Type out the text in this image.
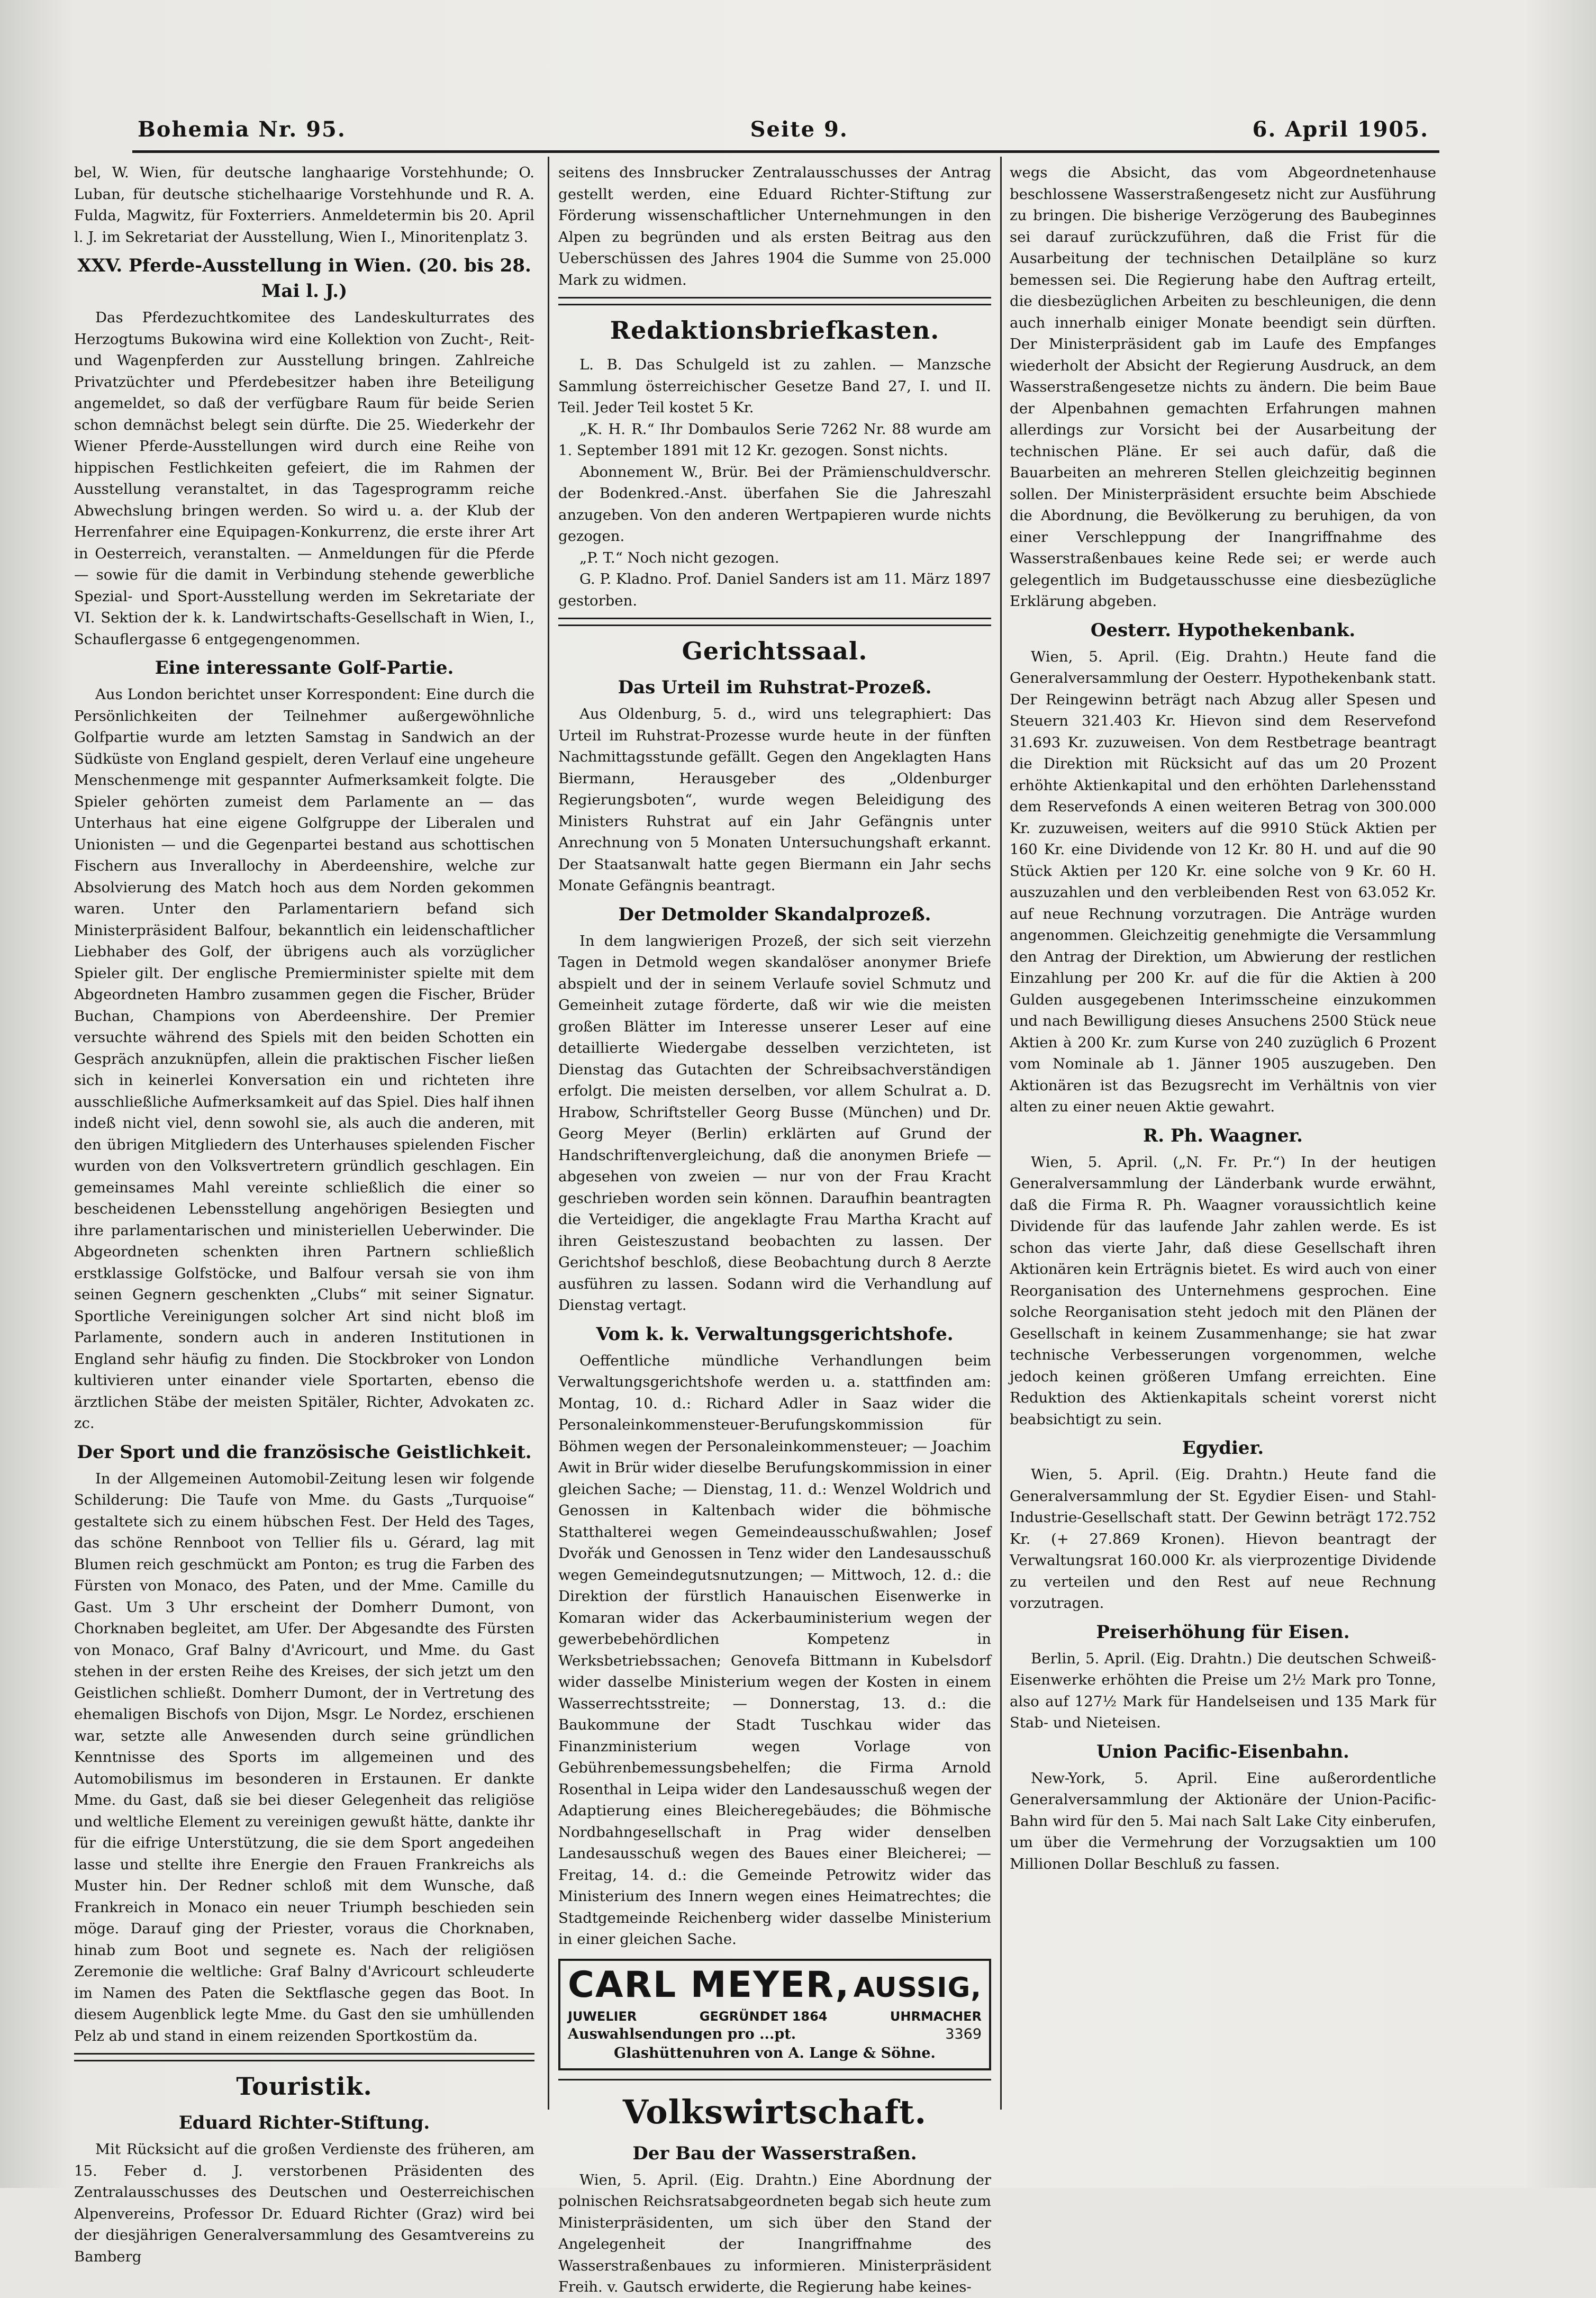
Bohemia Nr. 95.	Seite 9.	6. April 1905.

bel, W. Wien, für deutsche langhaarige Vorstehhunde; O. Luban, für deutsche stichelhaarige Vorstehhunde und R. A. Fulda, Magwitz, für Foxterriers. Anmeldetermin bis 20. April l. J. im Sekretariat der Ausstellung, Wien I., Minoritenplatz 3.

XXV. Pferde-Ausstellung in Wien. (20. bis 28. Mai l. J.)

Das Pferdezuchtkomitee des Landeskulturrates des Herzogtums Bukowina wird eine Kollektion von Zucht-, Reit- und Wagenpferden zur Ausstellung bringen. Zahlreiche Privatzüchter und Pferdebesitzer haben ihre Beteiligung angemeldet, so daß der verfügbare Raum für beide Serien schon demnächst belegt sein dürfte. Die 25. Wiederkehr der Wiener Pferde-Ausstellungen wird durch eine Reihe von hippischen Festlichkeiten gefeiert, die im Rahmen der Ausstellung veranstaltet, in das Tagesprogramm reiche Abwechslung bringen werden. So wird u. a. der Klub der Herrenfahrer eine Equipagen-Konkurrenz, die erste ihrer Art in Oesterreich, veranstalten. — Anmeldungen für die Pferde — sowie für die damit in Verbindung stehende gewerbliche Spezial- und Sport-Ausstellung werden im Sekretariate der VI. Sektion der k. k. Landwirtschafts-Gesellschaft in Wien, I., Schauflergasse 6 entgegengenommen.

Eine interessante Golf-Partie.

Aus London berichtet unser Korrespondent: Eine durch die Persönlichkeiten der Teilnehmer außergewöhnliche Golfpartie wurde am letzten Samstag in Sandwich an der Südküste von England gespielt, deren Verlauf eine ungeheure Menschenmenge mit gespannter Aufmerksamkeit folgte. Die Spieler gehörten zumeist dem Parlamente an — das Unterhaus hat eine eigene Golfgruppe der Liberalen und Unionisten — und die Gegenpartei bestand aus schottischen Fischern aus Inverallochy in Aberdeenshire, welche zur Absolvierung des Match hoch aus dem Norden gekommen waren. Unter den Parlamentariern befand sich Ministerpräsident Balfour, bekanntlich ein leidenschaftlicher Liebhaber des Golf, der übrigens auch als vorzüglicher Spieler gilt. Der englische Premierminister spielte mit dem Abgeordneten Hambro zusammen gegen die Fischer, Brüder Buchan, Champions von Aberdeenshire. Der Premier versuchte während des Spiels mit den beiden Schotten ein Gespräch anzuknüpfen, allein die praktischen Fischer ließen sich in keinerlei Konversation ein und richteten ihre ausschließliche Aufmerksamkeit auf das Spiel. Dies half ihnen indeß nicht viel, denn sowohl sie, als auch die anderen, mit den übrigen Mitgliedern des Unterhauses spielenden Fischer wurden von den Volksvertretern gründlich geschlagen. Ein gemeinsames Mahl vereinte schließlich die einer so bescheidenen Lebensstellung angehörigen Besiegten und ihre parlamentarischen und ministeriellen Ueberwinder. Die Abgeordneten schenkten ihren Partnern schließlich erstklassige Golfstöcke, und Balfour versah sie von ihm seinen Gegnern geschenkten „Clubs“ mit seiner Signatur. Sportliche Vereinigungen solcher Art sind nicht bloß im Parlamente, sondern auch in anderen Institutionen in England sehr häufig zu finden. Die Stockbroker von London kultivieren unter einander viele Sportarten, ebenso die ärztlichen Stäbe der meisten Spitäler, Richter, Advokaten zc. zc.

Der Sport und die französische Geistlichkeit.

In der Allgemeinen Automobil-Zeitung lesen wir folgende Schilderung: Die Taufe von Mme. du Gasts „Turquoise“ gestaltete sich zu einem hübschen Fest. Der Held des Tages, das schöne Rennboot von Tellier fils u. Gérard, lag mit Blumen reich geschmückt am Ponton; es trug die Farben des Fürsten von Monaco, des Paten, und der Mme. Camille du Gast. Um 3 Uhr erscheint der Domherr Dumont, von Chorknaben begleitet, am Ufer. Der Abgesandte des Fürsten von Monaco, Graf Balny d'Avricourt, und Mme. du Gast stehen in der ersten Reihe des Kreises, der sich jetzt um den Geistlichen schließt. Domherr Dumont, der in Vertretung des ehemaligen Bischofs von Dijon, Msgr. Le Nordez, erschienen war, setzte alle Anwesenden durch seine gründlichen Kenntnisse des Sports im allgemeinen und des Automobilismus im besonderen in Erstaunen. Er dankte Mme. du Gast, daß sie bei dieser Gelegenheit das religiöse und weltliche Element zu vereinigen gewußt hätte, dankte ihr für die eifrige Unterstützung, die sie dem Sport angedeihen lasse und stellte ihre Energie den Frauen Frankreichs als Muster hin. Der Redner schloß mit dem Wunsche, daß Frankreich in Monaco ein neuer Triumph beschieden sein möge. Darauf ging der Priester, voraus die Chorknaben, hinab zum Boot und segnete es. Nach der religiösen Zeremonie die weltliche: Graf Balny d'Avricourt schleuderte im Namen des Paten die Sektflasche gegen das Boot. In diesem Augenblick legte Mme. du Gast den sie umhüllenden Pelz ab und stand in einem reizenden Sportkostüm da.

Touristik.
Eduard Richter-Stiftung.

Mit Rücksicht auf die großen Verdienste des früheren, am 15. Feber d. J. verstorbenen Präsidenten des Zentralausschusses des Deutschen und Oesterreichischen Alpenvereins, Professor Dr. Eduard Richter (Graz) wird bei der diesjährigen Generalversammlung des Gesamtvereins zu Bamberg

seitens des Innsbrucker Zentralausschusses der Antrag gestellt werden, eine Eduard Richter-Stiftung zur Förderung wissenschaftlicher Unternehmungen in den Alpen zu begründen und als ersten Beitrag aus den Ueberschüssen des Jahres 1904 die Summe von 25.000 Mark zu widmen.

Redaktionsbriefkasten.

L. B. Das Schulgeld ist zu zahlen. — Manzsche Sammlung österreichischer Gesetze Band 27, I. und II. Teil. Jeder Teil kostet 5 Kr.

„K. H. R.“ Ihr Dombaulos Serie 7262 Nr. 88 wurde am 1. September 1891 mit 12 Kr. gezogen. Sonst nichts.

Abonnement W., Brür. Bei der Prämienschuldverschr. der Bodenkred.-Anst. überfahen Sie die Jahreszahl anzugeben. Von den anderen Wertpapieren wurde nichts gezogen.

„P. T.“ Noch nicht gezogen.

G. P. Kladno. Prof. Daniel Sanders ist am 11. März 1897 gestorben.

Gerichtssaal.
Das Urteil im Ruhstrat-Prozeß.

Aus Oldenburg, 5. d., wird uns telegraphiert: Das Urteil im Ruhstrat-Prozesse wurde heute in der fünften Nachmittagsstunde gefällt. Gegen den Angeklagten Hans Biermann, Herausgeber des „Oldenburger Regierungsboten“, wurde wegen Beleidigung des Ministers Ruhstrat auf ein Jahr Gefängnis unter Anrechnung von 5 Monaten Untersuchungshaft erkannt. Der Staatsanwalt hatte gegen Biermann ein Jahr sechs Monate Gefängnis beantragt.

Der Detmolder Skandalprozeß.

In dem langwierigen Prozeß, der sich seit vierzehn Tagen in Detmold wegen skandalöser anonymer Briefe abspielt und der in seinem Verlaufe soviel Schmutz und Gemeinheit zutage förderte, daß wir wie die meisten großen Blätter im Interesse unserer Leser auf eine detaillierte Wiedergabe desselben verzichteten, ist Dienstag das Gutachten der Schreibsachverständigen erfolgt. Die meisten derselben, vor allem Schulrat a. D. Hrabow, Schriftsteller Georg Busse (München) und Dr. Georg Meyer (Berlin) erklärten auf Grund der Handschriftenvergleichung, daß die anonymen Briefe — abgesehen von zweien — nur von der Frau Kracht geschrieben worden sein können. Daraufhin beantragten die Verteidiger, die angeklagte Frau Martha Kracht auf ihren Geisteszustand beobachten zu lassen. Der Gerichtshof beschloß, diese Beobachtung durch 8 Aerzte ausführen zu lassen. Sodann wird die Verhandlung auf Dienstag vertagt.

Vom k. k. Verwaltungsgerichtshofe.

Oeffentliche mündliche Verhandlungen beim Verwaltungsgerichtshofe werden u. a. stattfinden am: Montag, 10. d.: Richard Adler in Saaz wider die Personaleinkommensteuer-Berufungskommission für Böhmen wegen der Personaleinkommensteuer; — Joachim Awit in Brür wider dieselbe Berufungskommission in einer gleichen Sache; — Dienstag, 11. d.: Wenzel Woldrich und Genossen in Kaltenbach wider die böhmische Statthalterei wegen Gemeindeausschußwahlen; Josef Dvořák und Genossen in Tenz wider den Landesausschuß wegen Gemeindegutsnutzungen; — Mittwoch, 12. d.: die Direktion der fürstlich Hanauischen Eisenwerke in Komaran wider das Ackerbauministerium wegen der gewerbebehördlichen Kompetenz in Werksbetriebssachen; Genovefa Bittmann in Kubelsdorf wider dasselbe Ministerium wegen der Kosten in einem Wasserrechtsstreite; — Donnerstag, 13. d.: die Baukommune der Stadt Tuschkau wider das Finanzministerium wegen Vorlage von Gebührenbemessungsbehelfen; die Firma Arnold Rosenthal in Leipa wider den Landesausschuß wegen der Adaptierung eines Bleicheregebäudes; die Böhmische Nordbahngesellschaft in Prag wider denselben Landesausschuß wegen des Baues einer Bleicherei; — Freitag, 14. d.: die Gemeinde Petrowitz wider das Ministerium des Innern wegen eines Heimatrechtes; die Stadtgemeinde Reichenberg wider dasselbe Ministerium in einer gleichen Sache.

CARL MEYER, AUSSIG,
JUWELIER	GEGRÜNDET 1864	UHRMACHER
Auswahlsendungen pro ...pt.	3369
Glashüttenuhren von A. Lange & Söhne.
Volkswirtschaft.
Der Bau der Wasserstraßen.

Wien, 5. April. (Eig. Drahtn.) Eine Abordnung der polnischen Reichsratsabgeordneten begab sich heute zum Ministerpräsidenten, um sich über den Stand der Angelegenheit der Inangriffnahme des Wasserstraßenbaues zu informieren. Ministerpräsident Freih. v. Gautsch erwiderte, die Regierung habe keines-

wegs die Absicht, das vom Abgeordnetenhause beschlossene Wasserstraßengesetz nicht zur Ausführung zu bringen. Die bisherige Verzögerung des Baubeginnes sei darauf zurückzuführen, daß die Frist für die Ausarbeitung der technischen Detailpläne so kurz bemessen sei. Die Regierung habe den Auftrag erteilt, die diesbezüglichen Arbeiten zu beschleunigen, die denn auch innerhalb einiger Monate beendigt sein dürften. Der Ministerpräsident gab im Laufe des Empfanges wiederholt der Absicht der Regierung Ausdruck, an dem Wasserstraßengesetze nichts zu ändern. Die beim Baue der Alpenbahnen gemachten Erfahrungen mahnen allerdings zur Vorsicht bei der Ausarbeitung der technischen Pläne. Er sei auch dafür, daß die Bauarbeiten an mehreren Stellen gleichzeitig beginnen sollen. Der Ministerpräsident ersuchte beim Abschiede die Abordnung, die Bevölkerung zu beruhigen, da von einer Verschleppung der Inangriffnahme des Wasserstraßenbaues keine Rede sei; er werde auch gelegentlich im Budgetausschusse eine diesbezügliche Erklärung abgeben.

Oesterr. Hypothekenbank.

Wien, 5. April. (Eig. Drahtn.) Heute fand die Generalversammlung der Oesterr. Hypothekenbank statt. Der Reingewinn beträgt nach Abzug aller Spesen und Steuern 321.403 Kr. Hievon sind dem Reservefond 31.693 Kr. zuzuweisen. Von dem Restbetrage beantragt die Direktion mit Rücksicht auf das um 20 Prozent erhöhte Aktienkapital und den erhöhten Darlehensstand dem Reservefonds A einen weiteren Betrag von 300.000 Kr. zuzuweisen, weiters auf die 9910 Stück Aktien per 160 Kr. eine Dividende von 12 Kr. 80 H. und auf die 90 Stück Aktien per 120 Kr. eine solche von 9 Kr. 60 H. auszuzahlen und den verbleibenden Rest von 63.052 Kr. auf neue Rechnung vorzutragen. Die Anträge wurden angenommen. Gleichzeitig genehmigte die Versammlung den Antrag der Direktion, um Abwierung der restlichen Einzahlung per 200 Kr. auf die für die Aktien à 200 Gulden ausgegebenen Interimsscheine einzukommen und nach Bewilligung dieses Ansuchens 2500 Stück neue Aktien à 200 Kr. zum Kurse von 240 zuzüglich 6 Prozent vom Nominale ab 1. Jänner 1905 auszugeben. Den Aktionären ist das Bezugsrecht im Verhältnis von vier alten zu einer neuen Aktie gewahrt.

R. Ph. Waagner.

Wien, 5. April. („N. Fr. Pr.“) In der heutigen Generalversammlung der Länderbank wurde erwähnt, daß die Firma R. Ph. Waagner voraussichtlich keine Dividende für das laufende Jahr zahlen werde. Es ist schon das vierte Jahr, daß diese Gesellschaft ihren Aktionären kein Erträgnis bietet. Es wird auch von einer Reorganisation des Unternehmens gesprochen. Eine solche Reorganisation steht jedoch mit den Plänen der Gesellschaft in keinem Zusammenhange; sie hat zwar technische Verbesserungen vorgenommen, welche jedoch keinen größeren Umfang erreichten. Eine Reduktion des Aktienkapitals scheint vorerst nicht beabsichtigt zu sein.

Egydier.

Wien, 5. April. (Eig. Drahtn.) Heute fand die Generalversammlung der St. Egydier Eisen- und Stahl-Industrie-Gesellschaft statt. Der Gewinn beträgt 172.752 Kr. (+ 27.869 Kronen). Hievon beantragt der Verwaltungsrat 160.000 Kr. als vierprozentige Dividende zu verteilen und den Rest auf neue Rechnung vorzutragen.

Preiserhöhung für Eisen.

Berlin, 5. April. (Eig. Drahtn.) Die deutschen Schweiß-Eisenwerke erhöhten die Preise um 2½ Mark pro Tonne, also auf 127½ Mark für Handelseisen und 135 Mark für Stab- und Nieteisen.

Union Pacific-Eisenbahn.

New-York, 5. April. Eine außerordentliche Generalversammlung der Aktionäre der Union-Pacific-Bahn wird für den 5. Mai nach Salt Lake City einberufen, um über die Vermehrung der Vorzugsaktien um 100 Millionen Dollar Beschluß zu fassen.
